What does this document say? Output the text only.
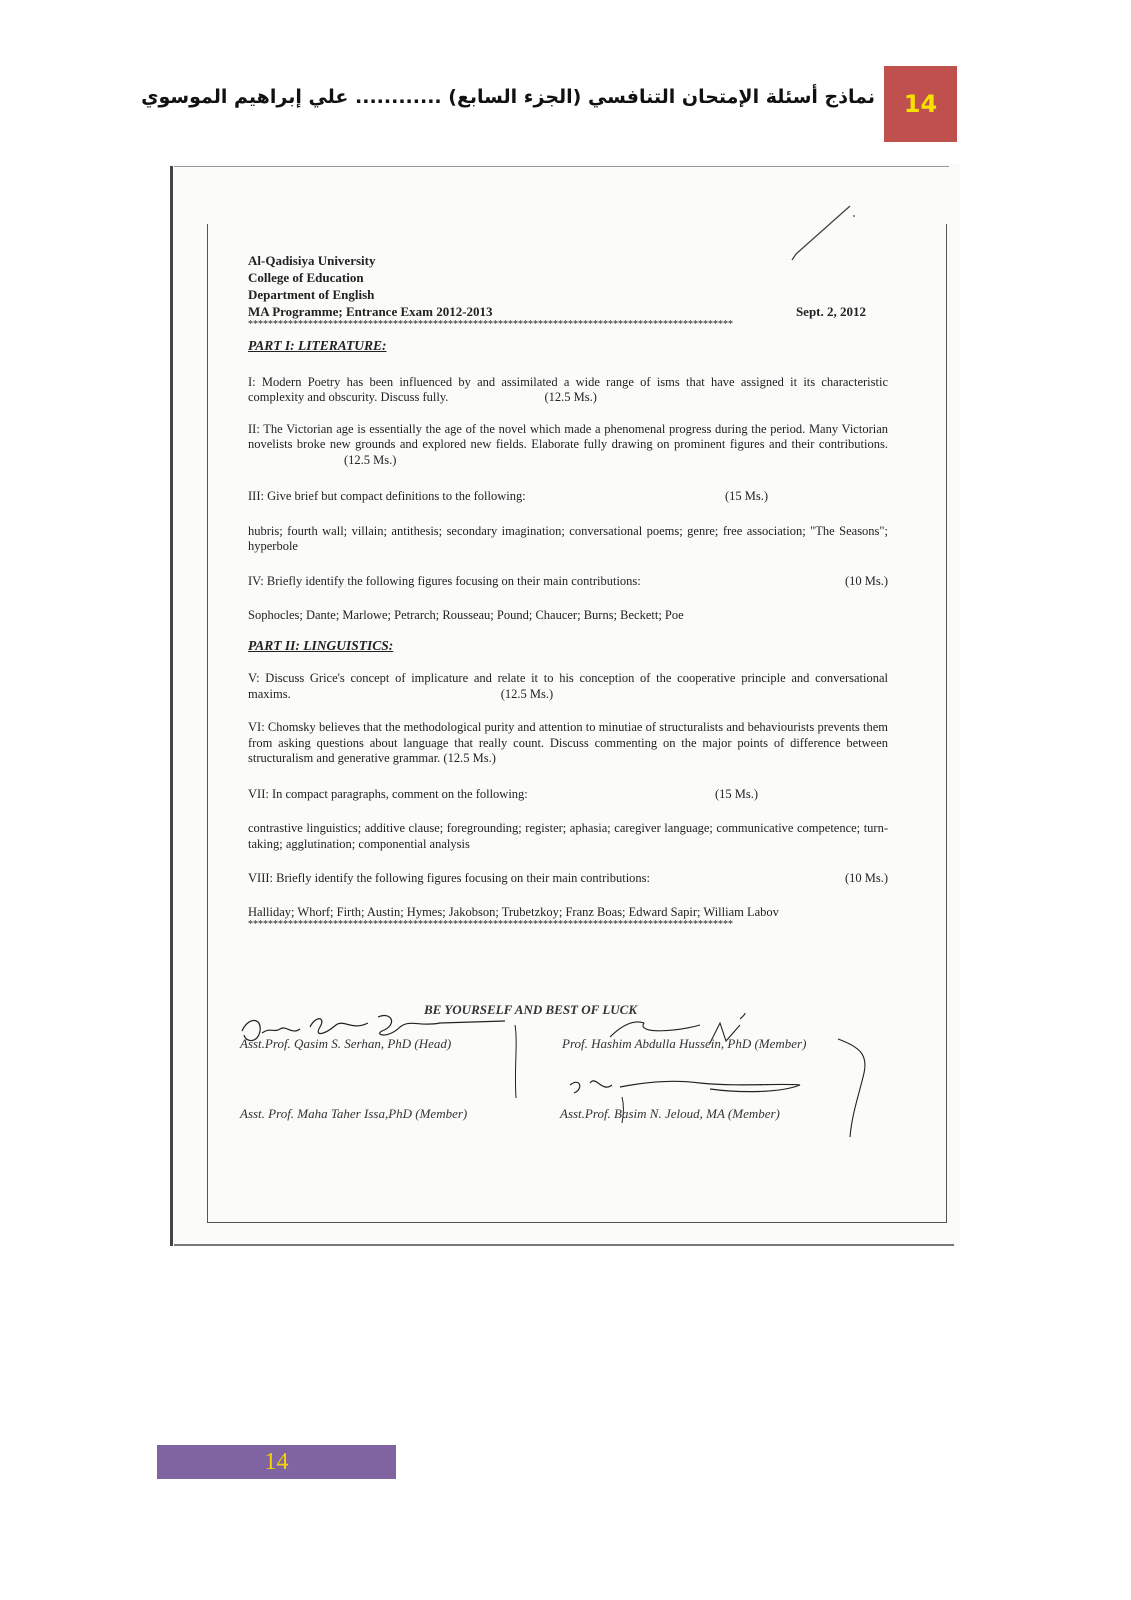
14
نماذج أسئلة الإمتحان التنافسي (الجزء السابع) ............ علي إبراهيم الموسوي
Al-Qadisiya University
College of Education
Department of English
MA Programme; Entrance Exam 2012-2013	Sept. 2, 2012
*************************************************************************************************
PART I: LITERATURE:

I: Modern Poetry has been influenced by and assimilated a wide range of isms that have assigned it its characteristic complexity and obscurity. Discuss fully.	(12.5 Ms.)

II: The Victorian age is essentially the age of the novel which made a phenomenal progress during the period. Many Victorian novelists broke new grounds and explored new fields. Elaborate fully drawing on prominent figures and their contributions.(12.5 Ms.)

III: Give brief but compact definitions to the following:	(15 Ms.)

hubris; fourth wall; villain; antithesis; secondary imagination; conversational poems; genre; free association; "The Seasons"; hyperbole

IV: Briefly identify the following figures focusing on their main contributions:	(10 Ms.)

Sophocles; Dante; Marlowe; Petrarch; Rousseau; Pound; Chaucer; Burns; Beckett; Poe

PART II: LINGUISTICS:

V: Discuss Grice's concept of implicature and relate it to his conception of the cooperative principle and conversational maxims.	(12.5 Ms.)

VI: Chomsky believes that the methodological purity and attention to minutiae of structuralists and behaviourists prevents them from asking questions about language that really count. Discuss commenting on the major points of difference between structuralism and generative grammar. (12.5 Ms.)

VII: In compact paragraphs, comment on the following:	(15 Ms.)

contrastive linguistics; additive clause; foregrounding; register; aphasia; caregiver language; communicative competence; turn-taking; agglutination; componential analysis

VIII: Briefly identify the following figures focusing on their main contributions:	(10 Ms.)

Halliday; Whorf; Firth; Austin; Hymes; Jakobson; Trubetzkoy; Franz Boas; Edward Sapir; William Labov

*************************************************************************************************
BE YOURSELF AND BEST OF LUCK
Asst.Prof. Qasim S. Serhan, PhD (Head)	Prof. Hashim Abdulla Hussein, PhD (Member)
Asst. Prof. Maha Taher Issa,PhD (Member)	Asst.Prof. Basim N. Jeloud, MA (Member)
14
